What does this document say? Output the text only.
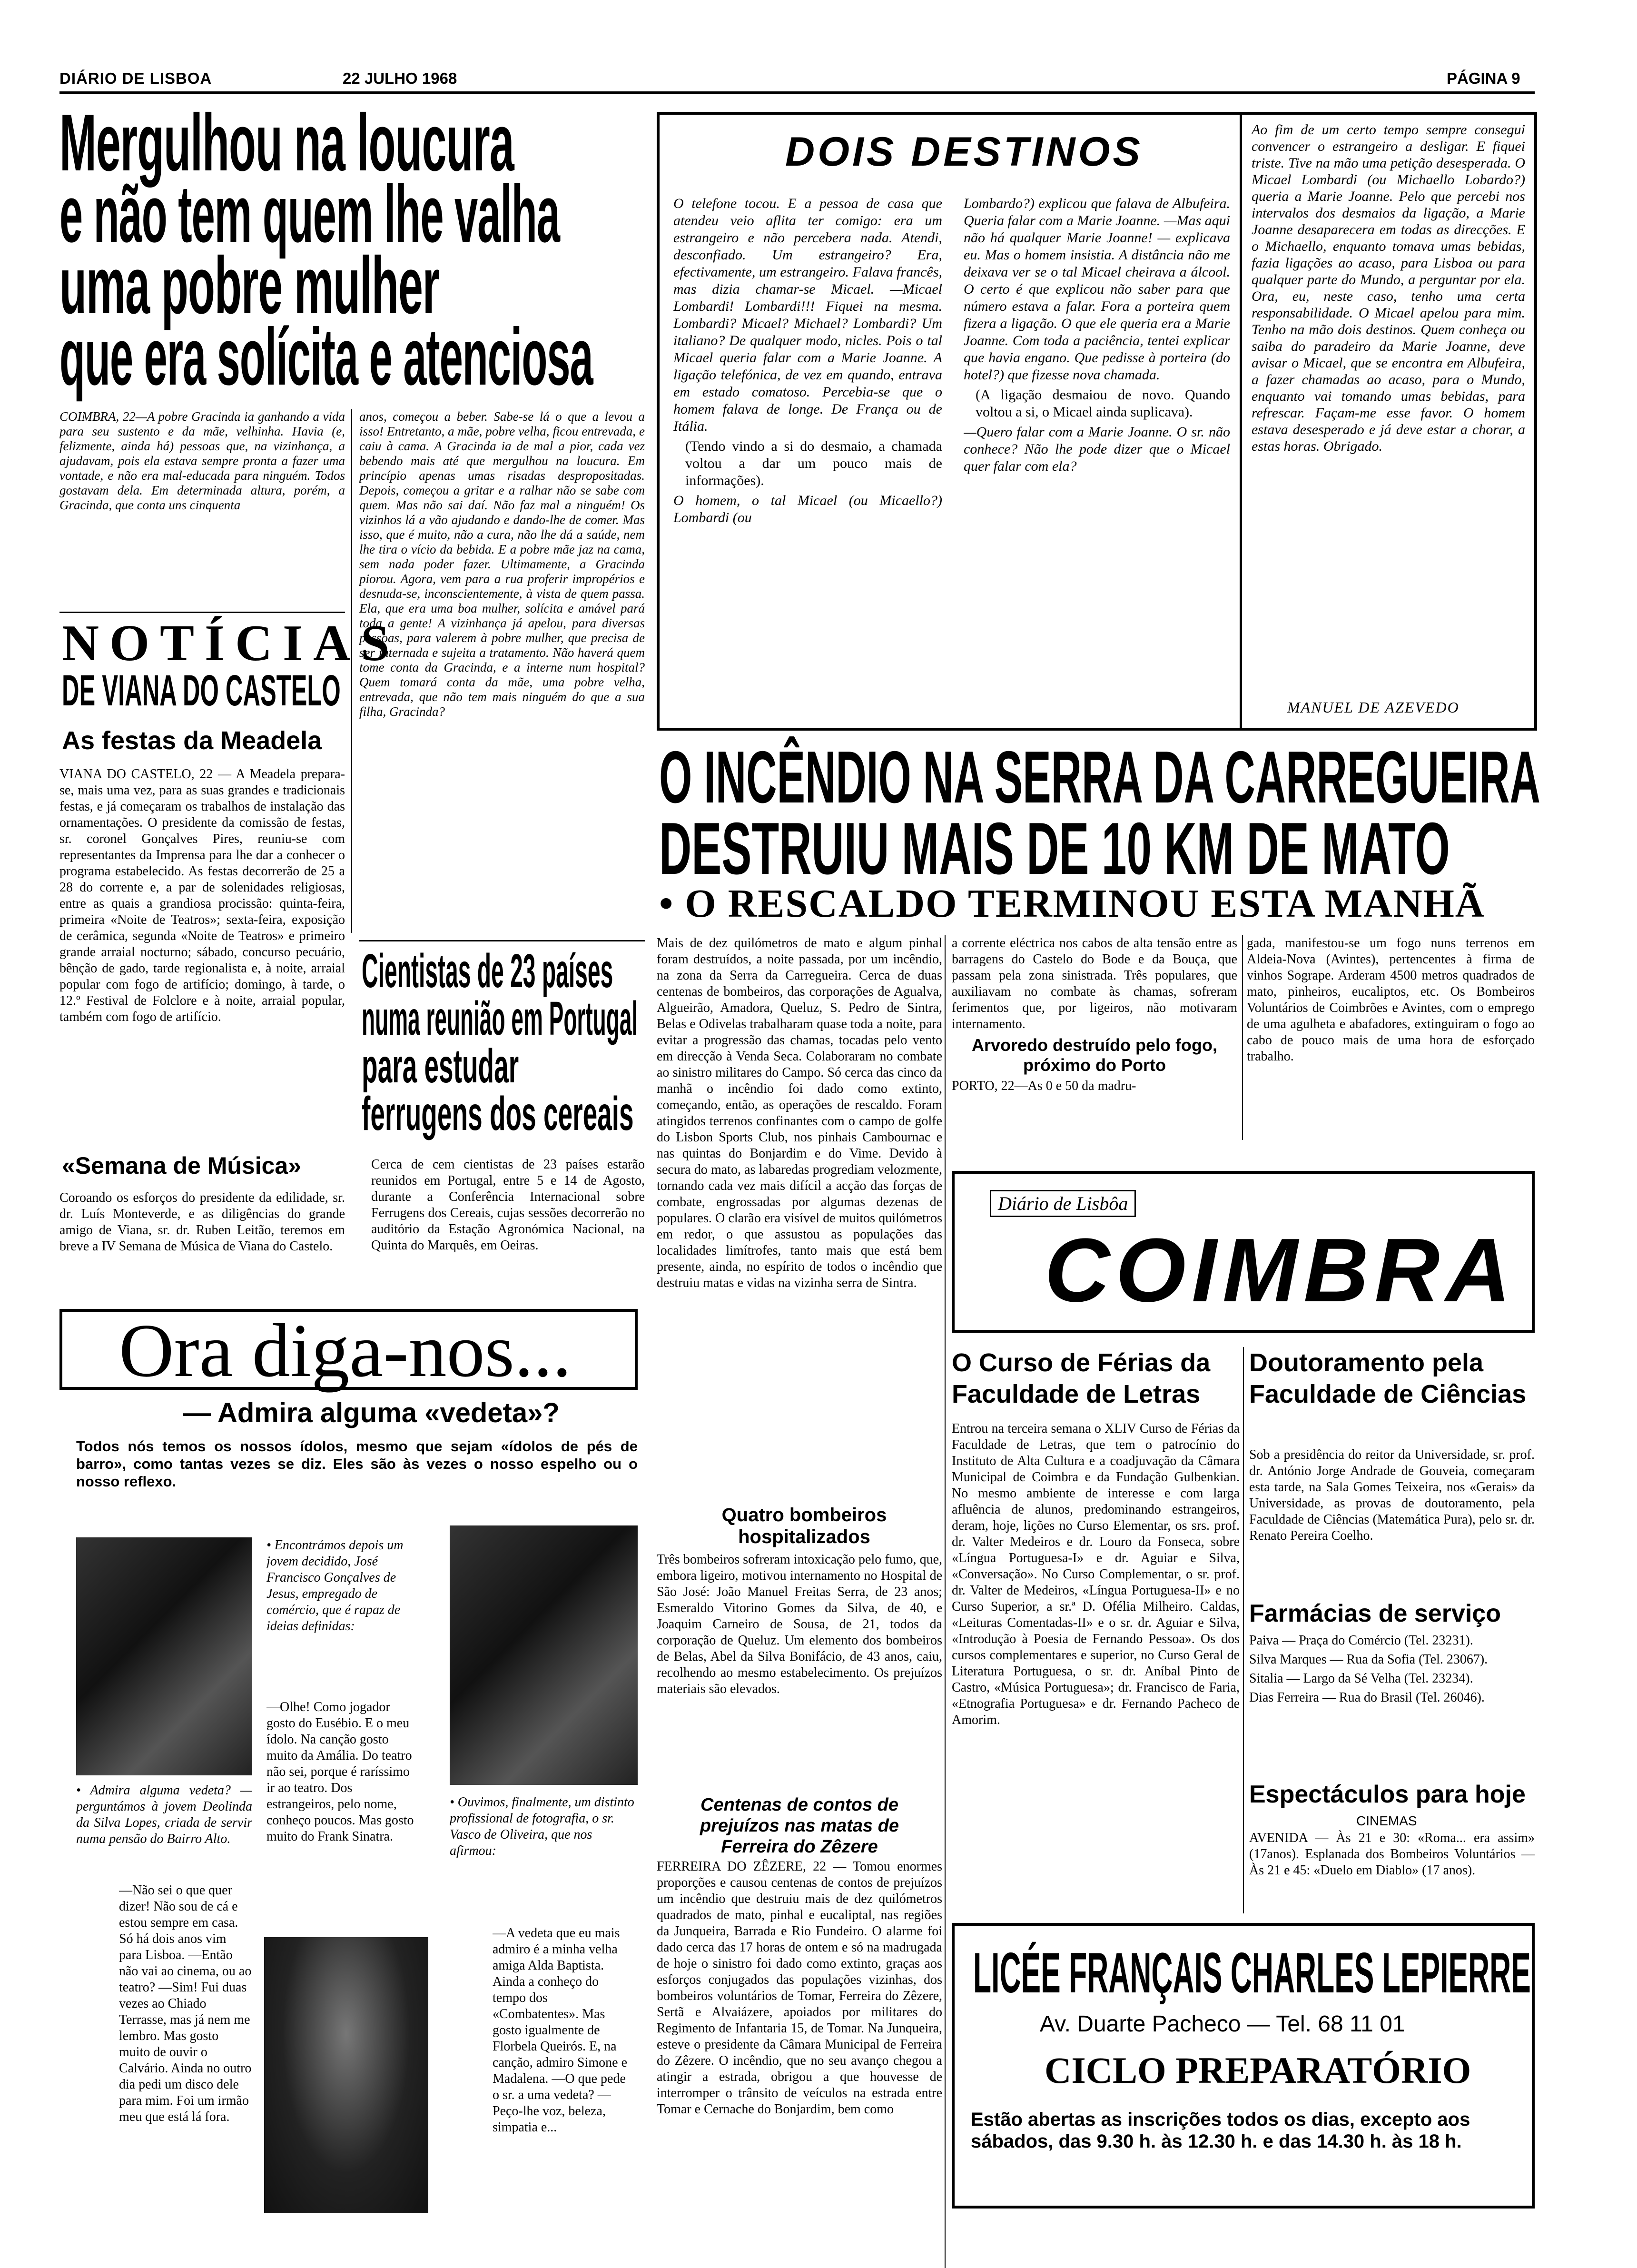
DIÁRIO DE LISBOA	22 JULHO 1968	PÁGINA 9
Mergulhou na loucura
e não tem quem lhe valha
uma pobre mulher
que era solícita e atenciosa
COIMBRA, 22—A pobre Gracinda ia ganhando a vida para seu sustento e da mãe, velhinha. Havia (e, felizmente, ainda há) pessoas que, na vizinhança, a ajudavam, pois ela estava sempre pronta a fazer uma vontade, e não era mal-educada para ninguém. Todos gostavam dela. Em determinada altura, porém, a Gracinda, que conta uns cinquenta
anos, começou a beber. Sabe-se lá o que a levou a isso! Entretanto, a mãe, pobre velha, ficou entrevada, e caiu à cama. A Gracinda ia de mal a pior, cada vez bebendo mais até que mergulhou na loucura. Em princípio apenas umas risadas despropositadas. Depois, começou a gritar e a ralhar não se sabe com quem. Mas não sai daí. Não faz mal a ninguém! Os vizinhos lá a vão ajudando e dando-lhe de comer. Mas isso, que é muito, não a cura, não lhe dá a saúde, nem lhe tira o vício da bebida. E a pobre mãe jaz na cama, sem nada poder fazer. Ultimamente, a Gracinda piorou. Agora, vem para a rua proferir impropérios e desnuda-se, inconscientemente, à vista de quem passa. Ela, que era uma boa mulher, solícita e amável pará toda a gente! A vizinhança já apelou, para diversas pessoas, para valerem à pobre mulher, que precisa de ser internada e sujeita a tratamento. Não haverá quem tome conta da Gracinda, e a interne num hospital? Quem tomará conta da mãe, uma pobre velha, entrevada, que não tem mais ninguém do que a sua filha, Gracinda?
NOTÍCIAS
DE VIANA DO CASTELO
As festas da Meadela
VIANA DO CASTELO, 22 — A Meadela prepara-se, mais uma vez, para as suas grandes e tradicionais festas, e já começaram os trabalhos de instalação das ornamentações. O presidente da comissão de festas, sr. coronel Gonçalves Pires, reuniu-se com representantes da Imprensa para lhe dar a conhecer o programa estabelecido. As festas decorrerão de 25 a 28 do corrente e, a par de solenidades religiosas, entre as quais a grandiosa procissão: quinta-feira, primeira «Noite de Teatros»; sexta-feira, exposição de cerâmica, segunda «Noite de Teatros» e primeiro grande arraial nocturno; sábado, concurso pecuário, bênção de gado, tarde regionalista e, à noite, arraial popular com fogo de artifício; domingo, à tarde, o 12.º Festival de Folclore e à noite, arraial popular, também com fogo de artifício.
«Semana de Música»
Coroando os esforços do presidente da edilidade, sr. dr. Luís Monteverde, e as diligências do grande amigo de Viana, sr. dr. Ruben Leitão, teremos em breve a IV Semana de Música de Viana do Castelo.
Cientistas de 23 países
numa reunião em Portugal
para estudar
ferrugens dos cereais
Cerca de cem cientistas de 23 países estarão reunidos em Portugal, entre 5 e 14 de Agosto, durante a Conferência Internacional sobre Ferrugens dos Cereais, cujas sessões decorrerão no auditório da Estação Agronómica Nacional, na Quinta do Marquês, em Oeiras.
DOIS DESTINOS

O telefone tocou. E a pessoa de casa que atendeu veio aflita ter comigo: era um estrangeiro e não percebera nada. Atendi, desconfiado. Um estrangeiro? Era, efectivamente, um estrangeiro. Falava francês, mas dizia chamar-se Micael. —Micael Lombardi! Lombardi!!! Fiquei na mesma. Lombardi? Micael? Michael? Lombardi? Um italiano? De qualquer modo, nicles. Pois o tal Micael queria falar com a Marie Joanne. A ligação telefónica, de vez em quando, entrava em estado comatoso. Percebia-se que o homem falava de longe. De França ou de Itália.

(Tendo vindo a si do desmaio, a chamada voltou a dar um pouco mais de informações).

O homem, o tal Micael (ou Micaello?) Lombardi (ou

Lombardo?) explicou que falava de Albufeira. Queria falar com a Marie Joanne. —Mas aqui não há qualquer Marie Joanne! — explicava eu. Mas o homem insistia. A distância não me deixava ver se o tal Micael cheirava a álcool. O certo é que explicou não saber para que número estava a falar. Fora a porteira quem fizera a ligação. O que ele queria era a Marie Joanne. Com toda a paciência, tentei explicar que havia engano. Que pedisse à porteira (do hotel?) que fizesse nova chamada.

(A ligação desmaiou de novo. Quando voltou a si, o Micael ainda suplicava).

—Quero falar com a Marie Joanne. O sr. não conhece? Não lhe pode dizer que o Micael quer falar com ela?

Ao fim de um certo tempo sempre consegui convencer o estrangeiro a desligar. E fiquei triste. Tive na mão uma petição desesperada. O Micael Lombardi (ou Michaello Lobardo?) queria a Marie Joanne. Pelo que percebi nos intervalos dos desmaios da ligação, a Marie Joanne desaparecera em todas as direcções. E o Michaello, enquanto tomava umas bebidas, fazia ligações ao acaso, para Lisboa ou para qualquer parte do Mundo, a perguntar por ela. Ora, eu, neste caso, tenho uma certa responsabilidade. O Micael apelou para mim. Tenho na mão dois destinos. Quem conheça ou saiba do paradeiro da Marie Joanne, deve avisar o Micael, que se encontra em Albufeira, a fazer chamadas ao acaso, para o Mundo, enquanto vai tomando umas bebidas, para refrescar. Façam-me esse favor. O homem estava desesperado e já deve estar a chorar, a estas horas. Obrigado.
MANUEL DE AZEVEDO
O INCÊNDIO NA SERRA DA CARREGUEIRA
DESTRUIU MAIS DE 10 KM DE MATO
• O RESCALDO TERMINOU ESTA MANHÃ
Mais de dez quilómetros de mato e algum pinhal foram destruídos, a noite passada, por um incêndio, na zona da Serra da Carregueira. Cerca de duas centenas de bombeiros, das corporações de Agualva, Algueirão, Amadora, Queluz, S. Pedro de Sintra, Belas e Odivelas trabalharam quase toda a noite, para evitar a progressão das chamas, tocadas pelo vento em direcção à Venda Seca. Colaboraram no combate ao sinistro militares do Campo. Só cerca das cinco da manhã o incêndio foi dado como extinto, começando, então, as operações de rescaldo. Foram atingidos terrenos confinantes com o campo de golfe do Lisbon Sports Club, nos pinhais Cambournac e nas quintas do Bonjardim e do Vime. Devido à secura do mato, as labaredas progrediam velozmente, tornando cada vez mais difícil a acção das forças de combate, engrossadas por algumas dezenas de populares. O clarão era visível de muitos quilómetros em redor, o que assustou as populações das localidades limítrofes, tanto mais que está bem presente, ainda, no espírito de todos o incêndio que destruiu matas e vidas na vizinha serra de Sintra.

a corrente eléctrica nos cabos de alta tensão entre as barragens do Castelo do Bode e da Bouça, que passam pela zona sinistrada. Três populares, que auxiliavam no combate às chamas, sofreram ferimentos que, por ligeiros, não motivaram internamento.

Arvoredo destruído pelo fogo, próximo do Porto

PORTO, 22—As 0 e 50 da madru-

gada, manifestou-se um fogo nuns terrenos em Aldeia-Nova (Avintes), pertencentes à firma de vinhos Sogrape. Arderam 4500 metros quadrados de mato, pinheiros, eucaliptos, etc. Os Bombeiros Voluntários de Coimbrões e Avintes, com o emprego de uma agulheta e abafadores, extinguiram o fogo ao cabo de pouco mais de uma hora de esforçado trabalho.
Quatro bombeiros hospitalizados
Três bombeiros sofreram intoxicação pelo fumo, que, embora ligeiro, motivou internamento no Hospital de São José: João Manuel Freitas Serra, de 23 anos; Esmeraldo Vitorino Gomes da Silva, de 40, e Joaquim Carneiro de Sousa, de 21, todos da corporação de Queluz. Um elemento dos bombeiros de Belas, Abel da Silva Bonifácio, de 43 anos, caiu, recolhendo ao mesmo estabelecimento. Os prejuízos materiais são elevados.
Centenas de contos de prejuízos nas matas de Ferreira do Zêzere
FERREIRA DO ZÊZERE, 22 — Tomou enormes proporções e causou centenas de contos de prejuízos um incêndio que destruiu mais de dez quilómetros quadrados de mato, pinhal e eucaliptal, nas regiões da Junqueira, Barrada e Rio Fundeiro. O alarme foi dado cerca das 17 horas de ontem e só na madrugada de hoje o sinistro foi dado como extinto, graças aos esforços conjugados das populações vizinhas, dos bombeiros voluntários de Tomar, Ferreira do Zêzere, Sertã e Alvaiázere, apoiados por militares do Regimento de Infantaria 15, de Tomar. Na Junqueira, esteve o presidente da Câmara Municipal de Ferreira do Zêzere. O incêndio, que no seu avanço chegou a atingir a estrada, obrigou a que houvesse de interromper o trânsito de veículos na estrada entre Tomar e Cernache do Bonjardim, bem como
Ora diga-nos...
— Admira alguma «vedeta»?
Todos nós temos os nossos ídolos, mesmo que sejam «ídolos de pés de barro», como tantas vezes se diz. Eles são às vezes o nosso espelho ou o nosso reflexo.
• Admira alguma vedeta? — perguntámos à jovem Deolinda da Silva Lopes, criada de servir numa pensão do Bairro Alto.
—Não sei o que quer dizer! Não sou de cá e estou sempre em casa. Só há dois anos vim para Lisboa. —Então não vai ao cinema, ou ao teatro? —Sim! Fui duas vezes ao Chiado Terrasse, mas já nem me lembro. Mas gosto muito de ouvir o Calvário. Ainda no outro dia pedi um disco dele para mim. Foi um irmão meu que está lá fora.
• Encontrámos depois um jovem decidido, José Francisco Gonçalves de Jesus, empregado de comércio, que é rapaz de ideias definidas:
—Olhe! Como jogador gosto do Eusébio. E o meu ídolo. Na canção gosto muito da Amália. Do teatro não sei, porque é raríssimo ir ao teatro. Dos estrangeiros, pelo nome, conheço poucos. Mas gosto muito do Frank Sinatra.
• Ouvimos, finalmente, um distinto profissional de fotografia, o sr. Vasco de Oliveira, que nos afirmou:
—A vedeta que eu mais admiro é a minha velha amiga Alda Baptista. Ainda a conheço do tempo dos «Combatentes». Mas gosto igualmente de Florbela Queirós. E, na canção, admiro Simone e Madalena. —O que pede o sr. a uma vedeta? —Peço-lhe voz, beleza, simpatia e...
Diário de Lisbôa
COIMBRA
O Curso de Férias da Faculdade de Letras
Entrou na terceira semana o XLIV Curso de Férias da Faculdade de Letras, que tem o patrocínio do Instituto de Alta Cultura e a coadjuvação da Câmara Municipal de Coimbra e da Fundação Gulbenkian. No mesmo ambiente de interesse e com larga afluência de alunos, predominando estrangeiros, deram, hoje, lições no Curso Elementar, os srs. prof. dr. Valter Medeiros e dr. Louro da Fonseca, sobre «Língua Portuguesa-I» e dr. Aguiar e Silva, «Conversação». No Curso Complementar, o sr. prof. dr. Valter de Medeiros, «Língua Portuguesa-II» e no Curso Superior, a sr.ª D. Ofélia Milheiro. Caldas, «Leituras Comentadas-II» e o sr. dr. Aguiar e Silva, «Introdução à Poesia de Fernando Pessoa». Os dos cursos complementares e superior, no Curso Geral de Literatura Portuguesa, o sr. dr. Aníbal Pinto de Castro, «Música Portuguesa»; dr. Francisco de Faria, «Etnografia Portuguesa» e dr. Fernando Pacheco de Amorim.
Doutoramento pela Faculdade de Ciências
Sob a presidência do reitor da Universidade, sr. prof. dr. António Jorge Andrade de Gouveia, começaram esta tarde, na Sala Gomes Teixeira, nos «Gerais» da Universidade, as provas de doutoramento, pela Faculdade de Ciências (Matemática Pura), pelo sr. dr. Renato Pereira Coelho.
Farmácias de serviço

Paiva — Praça do Comércio (Tel. 23231).

Silva Marques — Rua da Sofia (Tel. 23067).

Sitalia — Largo da Sé Velha (Tel. 23234).

Dias Ferreira — Rua do Brasil (Tel. 26046).

Espectáculos para hoje
CINEMAS
AVENIDA — Às 21 e 30: «Roma... era assim» (17anos). Esplanada dos Bombeiros Voluntários — Às 21 e 45: «Duelo em Diablo» (17 anos).
LICÉE FRANÇAIS CHARLES LEPIERRE
Av. Duarte Pacheco — Tel. 68 11 01
CICLO PREPARATÓRIO
Estão abertas as inscrições todos os dias, excepto aos sábados, das 9.30 h. às 12.30 h. e das 14.30 h. às 18 h.
